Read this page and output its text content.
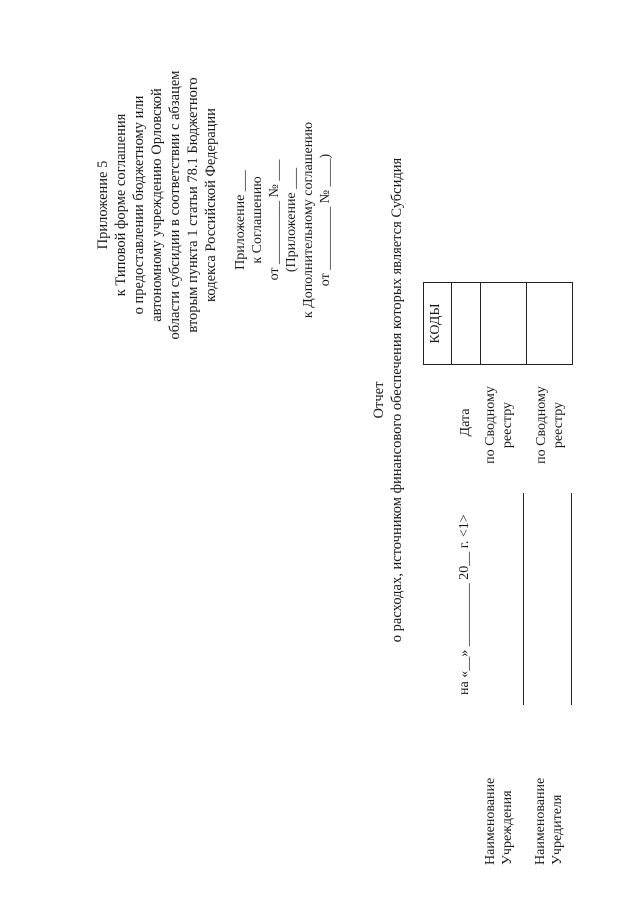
Приложение 5 к Типовой форме соглашения о предоставлении бюджетному или автономному учреждению Орловской области субсидии в соответствии с абзацем вторым пункта 1 статьи 78.1 Бюджетного кодекса Российской Федерации Приложение ___ к Соглашению от _________ № ___ (Приложение ___ к Дополнительному соглашению от _________ № ____)
Отчет о расходах, источником финансового обеспечения которых является Субсидия	на «__» _________ 20__ г. <1>
Наименование Учреждения Наименование Учредителя
Дата по Сводному реестру по Сводному реестру
КОДЫ
